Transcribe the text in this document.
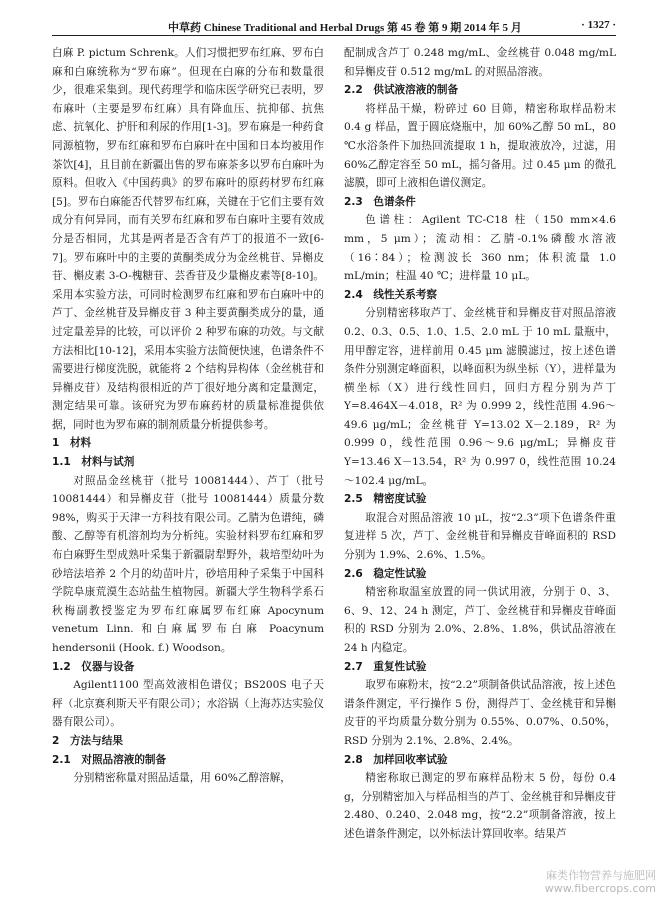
中草药 Chinese Traditional and Herbal Drugs 第 45 卷 第 9 期 2014 年 5 月	· 1327 ·

白麻 P. pictum Schrenk。人们习惯把罗布红麻、罗布白麻和白麻统称为“罗布麻”。但现在白麻的分布和数量很少，很难采集到。现代药理学和临床医学研究已表明，罗布麻叶（主要是罗布红麻）具有降血压、抗抑郁、抗焦虑、抗氧化、护肝和利尿的作用[1-3]。罗布麻是一种药食同源植物，罗布红麻和罗布白麻叶在中国和日本均被用作茶饮[4]，且目前在新疆出售的罗布麻茶多以罗布白麻叶为原料。但收入《中国药典》的罗布麻叶的原药材罗布红麻[5]。罗布白麻能否代替罗布红麻，关键在于它们主要有效成分有何异同，而有关罗布红麻和罗布白麻叶主要有效成分是否相同，尤其是两者是否含有芦丁的报道不一致[6-7]。罗布麻叶中的主要的黄酮类成分为金丝桃苷、异槲皮苷、槲皮素 3-O-槐糖苷、芸香苷及少量槲皮素等[8-10]。采用本实验方法，可同时检测罗布红麻和罗布白麻叶中的芦丁、金丝桃苷及异槲皮苷 3 种主要黄酮类成分的量，通过定量差异的比较，可以评价 2 种罗布麻的功效。与文献方法相比[10-12]，采用本实验方法简便快速，色谱条件不需要进行梯度洗脱，就能将 2 个结构异构体（金丝桃苷和异槲皮苷）及结构很相近的芦丁很好地分离和定量测定，测定结果可靠。该研究为罗布麻药材的质量标准提供依据，同时也为罗布麻的制剂质量分析提供参考。

1　材料
1.1　材料与试剂

对照品金丝桃苷（批号 10081444）、芦丁（批号 10081444）和异槲皮苷（批号 10081444）质量分数 98%，购买于天津一方科技有限公司。乙腈为色谱纯，磷酸、乙醇等有机溶剂均为分析纯。实验材料罗布红麻和罗布白麻野生型成熟叶采集于新疆尉犁野外，栽培型幼叶为砂培法培养 2 个月的幼苗叶片，砂培用种子采集于中国科学院阜康荒漠生态站盐生植物园。新疆大学生物科学系石秋梅副教授鉴定为罗布红麻属罗布红麻 Apocynum venetum Linn. 和白麻属罗布白麻 Poacynum hendersonii (Hook. f.) Woodson。

1.2　仪器与设备

Agilent1100 型高效液相色谱仪；BS200S 电子天秤（北京赛利斯天平有限公司）；水浴锅（上海苏达实验仪器有限公司）。

2　方法与结果
2.1　对照品溶液的制备

分别精密称量对照品适量，用 60%乙醇溶解，

配制成含芦丁 0.248 mg/mL、金丝桃苷 0.048 mg/mL 和异槲皮苷 0.512 mg/mL 的对照品溶液。

2.2　供试液溶液的制备

将样品干燥，粉碎过 60 目筛，精密称取样品粉末 0.4 g 样品，置于圆底烧瓶中，加 60%乙醇 50 mL，80 ℃水浴条件下加热回流提取 1 h，提取液放冷，过滤，用 60%乙醇定容至 50 mL，摇匀备用。过 0.45 μm 的微孔滤膜，即可上液相色谱仪测定。

2.3　色谱条件

色谱柱：Agilent TC-C18 柱（150 mm×4.6 mm，5 μm）；流动相：乙腈-0.1%磷酸水溶液（16∶84）；检测波长 360 nm；体积流量 1.0 mL/min；柱温 40 ℃；进样量 10 μL。

2.4　线性关系考察

分别精密移取芦丁、金丝桃苷和异槲皮苷对照品溶液 0.2、0.3、0.5、1.0、1.5、2.0 mL 于 10 mL 量瓶中，用甲醇定容，进样前用 0.45 μm 滤膜滤过，按上述色谱条件分别测定峰面积，以峰面积为纵坐标（Y），进样量为横坐标（X）进行线性回归，回归方程分别为芦丁 Y=8.464X－4.018，R² 为 0.999 2，线性范围 4.96～49.6 μg/mL；金丝桃苷 Y=13.02 X－2.189，R² 为 0.999 0，线性范围 0.96～9.6 μg/mL；异槲皮苷 Y=13.46 X－13.54，R² 为 0.997 0，线性范围 10.24～102.4 μg/mL。

2.5　精密度试验

取混合对照品溶液 10 μL，按“2.3”项下色谱条件重复进样 5 次，芦丁、金丝桃苷和异槲皮苷峰面积的 RSD 分别为 1.9%、2.6%、1.5%。

2.6　稳定性试验

精密称取温室放置的同一供试用液，分别于 0、3、6、9、12、24 h 测定，芦丁、金丝桃苷和异槲皮苷峰面积的 RSD 分别为 2.0%、2.8%、1.8%，供试品溶液在 24 h 内稳定。

2.7　重复性试验

取罗布麻粉末，按“2.2”项制备供试品溶液，按上述色谱条件测定，平行操作 5 份，测得芦丁、金丝桃苷和异槲皮苷的平均质量分数分别为 0.55%、0.07%、0.50%，RSD 分别为 2.1%、2.8%、2.4%。

2.8　加样回收率试验

精密称取已测定的罗布麻样品粉末 5 份，每份 0.4 g，分别精密加入与样品相当的芦丁、金丝桃苷和异槲皮苷 2.480、0.240、2.048 mg，按“2.2”项制备溶液，按上述色谱条件测定，以外标法计算回收率。结果芦

麻类作物营养与施肥网
www.fibercrops.com
